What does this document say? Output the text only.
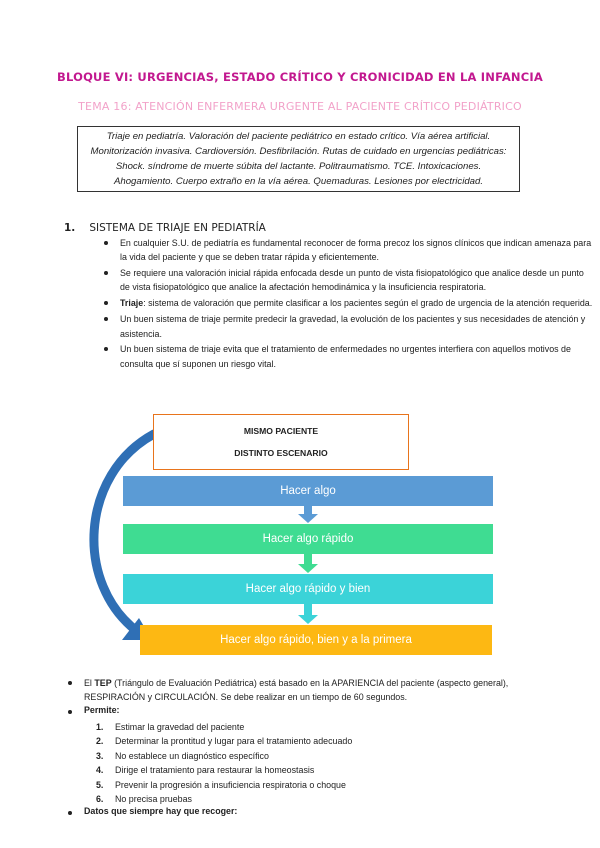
BLOQUE VI: URGENCIAS, ESTADO CRÍTICO Y CRONICIDAD EN LA INFANCIA
TEMA 16: ATENCIÓN ENFERMERA URGENTE AL PACIENTE CRÍTICO PEDIÁTRICO
Triaje en pediatría. Valoración del paciente pediátrico en estado crítico. Vía aérea artificial.
Monitorización invasiva. Cardioversión. Desfibrilación. Rutas de cuidado en urgencias pediátricas:
Shock. síndrome de muerte súbita del lactante. Politraumatismo. TCE. Intoxicaciones.
Ahogamiento. Cuerpo extraño en la vía aérea. Quemaduras. Lesiones por electricidad.
1. SISTEMA DE TRIAJE EN PEDIATRÍA
En cualquier S.U. de pediatría es fundamental reconocer de forma precoz los signos clínicos que indican amenaza para la vida del paciente y que se deben tratar rápida y eficientemente.
Se requiere una valoración inicial rápida enfocada desde un punto de vista fisiopatológico que analice desde un punto de vista fisiopatológico que analice la afectación hemodinámica y la insuficiencia respiratoria.
Triaje: sistema de valoración que permite clasificar a los pacientes según el grado de urgencia de la atención requerida.
Un buen sistema de triaje permite predecir la gravedad, la evolución de los pacientes y sus necesidades de atención y asistencia.
Un buen sistema de triaje evita que el tratamiento de enfermedades no urgentes interfiera con aquellos motivos de consulta que sí suponen un riesgo vital.
MISMO PACIENTE
DISTINTO ESCENARIO
Hacer algo
Hacer algo rápido
Hacer algo rápido y bien
Hacer algo rápido, bien y a la primera
El TEP (Triángulo de Evaluación Pediátrica) está basado en la APARIENCIA del paciente (aspecto general),
RESPIRACIÓN y CIRCULACIÓN. Se debe realizar en un tiempo de 60 segundos.
Permite:
1. Estimar la gravedad del paciente
2. Determinar la prontitud y lugar para el tratamiento adecuado
3. No establece un diagnóstico específico
4. Dirige el tratamiento para restaurar la homeostasis
5. Prevenir la progresión a insuficiencia respiratoria o choque
6. No precisa pruebas
Datos que siempre hay que recoger:
